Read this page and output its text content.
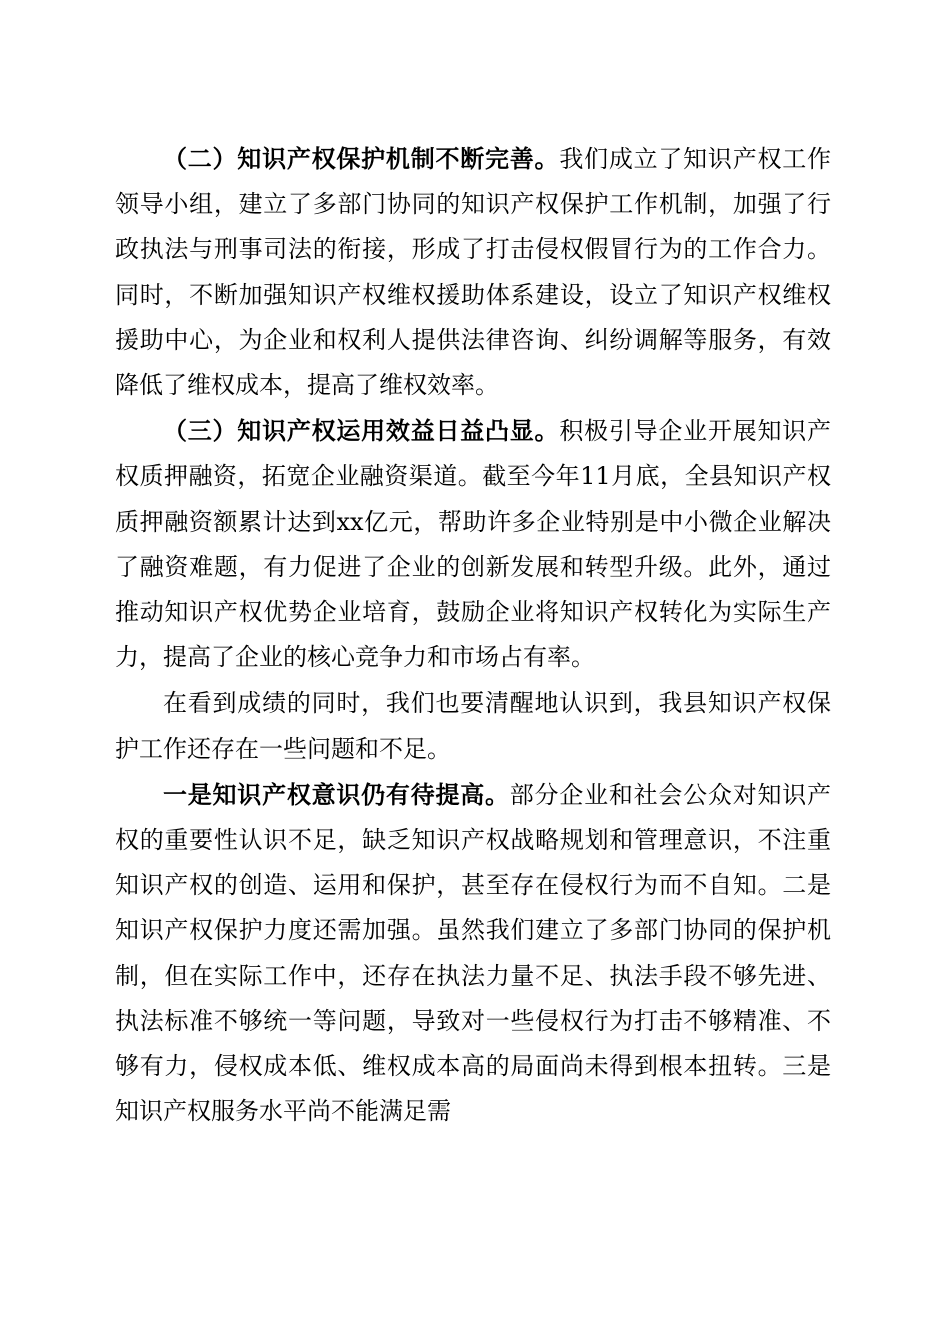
（二）知识产权保护机制不断完善。我们成立了知识产权工作领导小组，建立了多部门协同的知识产权保护工作机制，加强了行政执法与刑事司法的衔接，形成了打击侵权假冒行为的工作合力。同时，不断加强知识产权维权援助体系建设，设立了知识产权维权援助中心，为企业和权利人提供法律咨询、纠纷调解等服务，有效降低了维权成本，提高了维权效率。

（三）知识产权运用效益日益凸显。积极引导企业开展知识产权质押融资，拓宽企业融资渠道。截至今年11月底，全县知识产权质押融资额累计达到xx亿元，帮助许多企业特别是中小微企业解决了融资难题，有力促进了企业的创新发展和转型升级。此外，通过推动知识产权优势企业培育，鼓励企业将知识产权转化为实际生产力，提高了企业的核心竞争力和市场占有率。

在看到成绩的同时，我们也要清醒地认识到，我县知识产权保护工作还存在一些问题和不足。

一是知识产权意识仍有待提高。部分企业和社会公众对知识产权的重要性认识不足，缺乏知识产权战略规划和管理意识，不注重知识产权的创造、运用和保护，甚至存在侵权行为而不自知。二是知识产权保护力度还需加强。虽然我们建立了多部门协同的保护机制，但在实际工作中，还存在执法力量不足、执法手段不够先进、执法标准不够统一等问题，导致对一些侵权行为打击不够精准、不够有力，侵权成本低、维权成本高的局面尚未得到根本扭转。三是知识产权服务水平尚不能满足需
